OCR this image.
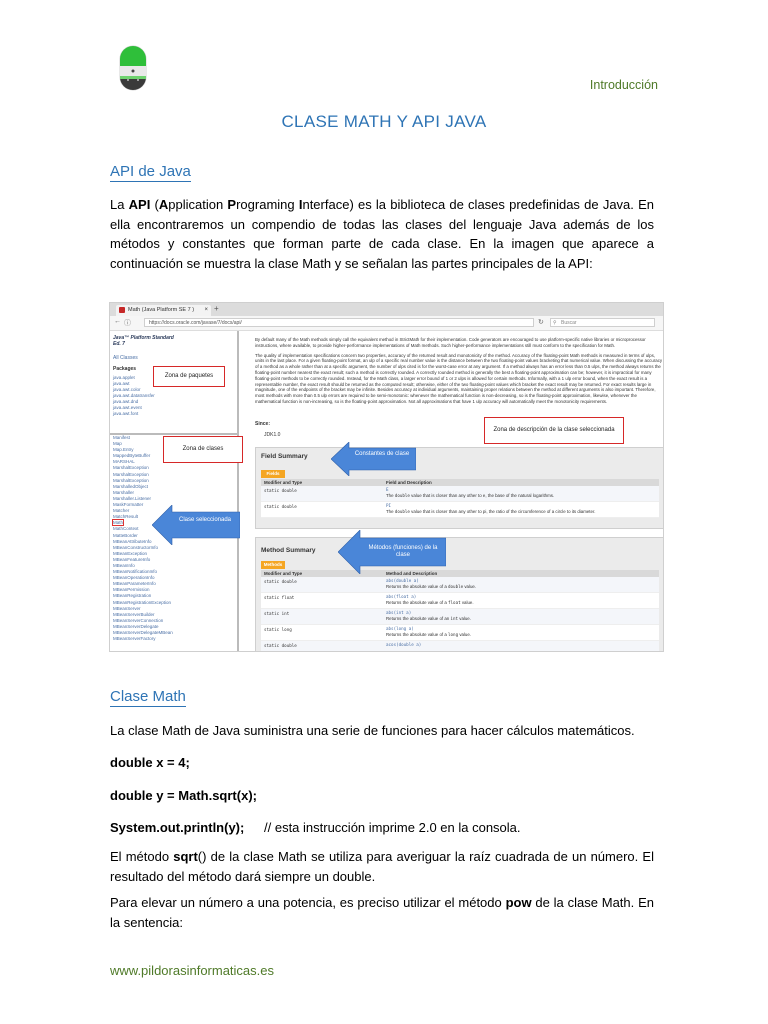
Introducción
CLASE MATH Y API JAVA
API de Java
La API (Application Programing Interface) es la biblioteca de clases predefinidas de Java. En ella encontraremos un compendio de todas las clases del lenguaje Java además de los métodos y constantes que forman parte de cada clase. En la imagen que aparece a continuación se muestra la clase Math y se señalan las partes principales de la API:
Math (Java Platform SE 7 ) × +
← ⓘ	https://docs.oracle.com/javase/7/docs/api/	↻ ⚲ Buscar
Java™ Platform Standard Ed. 7
All Classes
Packages
java.applet
java.awt
java.awt.color
java.awt.datatransfer
java.awt.dnd
java.awt.event
java.awt.font
Manifest
Map
Map.Entry
MappedByteBuffer
MARSHAL
MarshalException
MarshalException
MarshalException
MarshalledObject
Marshaller
Marshaller.Listener
MaskFormatter
Matcher
MatchResult
Math
MathContext
MatteBorder
MBeanAttributeInfo
MBeanConstructorInfo
MBeanException
MBeanFeatureInfo
MBeanInfo
MBeanNotificationInfo
MBeanOperationInfo
MBeanParameterInfo
MBeanPermission
MBeanRegistration
MBeanRegistrationException
MBeanServer
MBeanServerBuilder
MBeanServerConnection
MBeanServerDelegate
MBeanServerDelegateMBean
MBeanServerFactory

By default many of the Math methods simply call the equivalent method in StrictMath for their implementation. Code generators are encouraged to use platform-specific native libraries or microprocessor instructions, where available, to provide higher-performance implementations of Math methods. Such higher-performance implementations still must conform to the specification for Math.

The quality of implementation specifications concern two properties, accuracy of the returned result and monotonicity of the method. Accuracy of the floating-point Math methods is measured in terms of ulps, units in the last place. For a given floating-point format, an ulp of a specific real number value is the distance between the two floating-point values bracketing that numerical value. When discussing the accuracy of a method as a whole rather than at a specific argument, the number of ulps cited is for the worst-case error at any argument. If a method always has an error less than 0.5 ulps, the method always returns the floating-point number nearest the exact result; such a method is correctly rounded. A correctly rounded method is generally the best a floating-point approximation can be; however, it is impractical for many floating-point methods to be correctly rounded. Instead, for the Math class, a larger error bound of 1 or 2 ulps is allowed for certain methods. Informally, with a 1 ulp error bound, when the exact result is a representable number, the exact result should be returned as the computed result; otherwise, either of the two floating-point values which bracket the exact result may be returned. For exact results large in magnitude, one of the endpoints of the bracket may be infinite. Besides accuracy at individual arguments, maintaining proper relations between the method at different arguments is also important. Therefore, most methods with more than 0.5 ulp errors are required to be semi-monotonic: whenever the mathematical function is non-decreasing, so is the floating-point approximation, likewise, whenever the mathematical function is non-increasing, so is the floating-point approximation. Not all approximations that have 1 ulp accuracy will automatically meet the monotonicity requirements.

Since:
JDK1.0
Field Summary
Fields
Modifier and Type	Field and Description
static double	E
The double value that is closer than any other to e, the base of the natural logarithms.
static double	PI
The double value that is closer than any other to pi, the ratio of the circumference of a circle to its diameter.
Method Summary
Methods
Modifier and Type	Method and Description
static double	abs(double a)
Returns the absolute value of a double value.
static float	abs(float a)
Returns the absolute value of a float value.
static int	abs(int a)
Returns the absolute value of an int value.
static long	abs(long a)
Returns the absolute value of a long value.
static double	acos(double a)
Zona de paquetes
Zona de clases
Zona de descripción de la clase seleccionada
Constantes de clase
Clase seleccionada
Métodos (funciones) de la clase
Clase Math
La clase Math de Java suministra una serie de funciones para hacer cálculos matemáticos.
double x = 4;
double y = Math.sqrt(x);
System.out.println(y); // esta instrucción imprime 2.0 en la consola.
El método sqrt() de la clase Math se utiliza para averiguar la raíz cuadrada de un número. El resultado del método dará siempre un double.
Para elevar un número a una potencia, es preciso utilizar el método pow de la clase Math. En la sentencia:
www.pildorasinformaticas.es
